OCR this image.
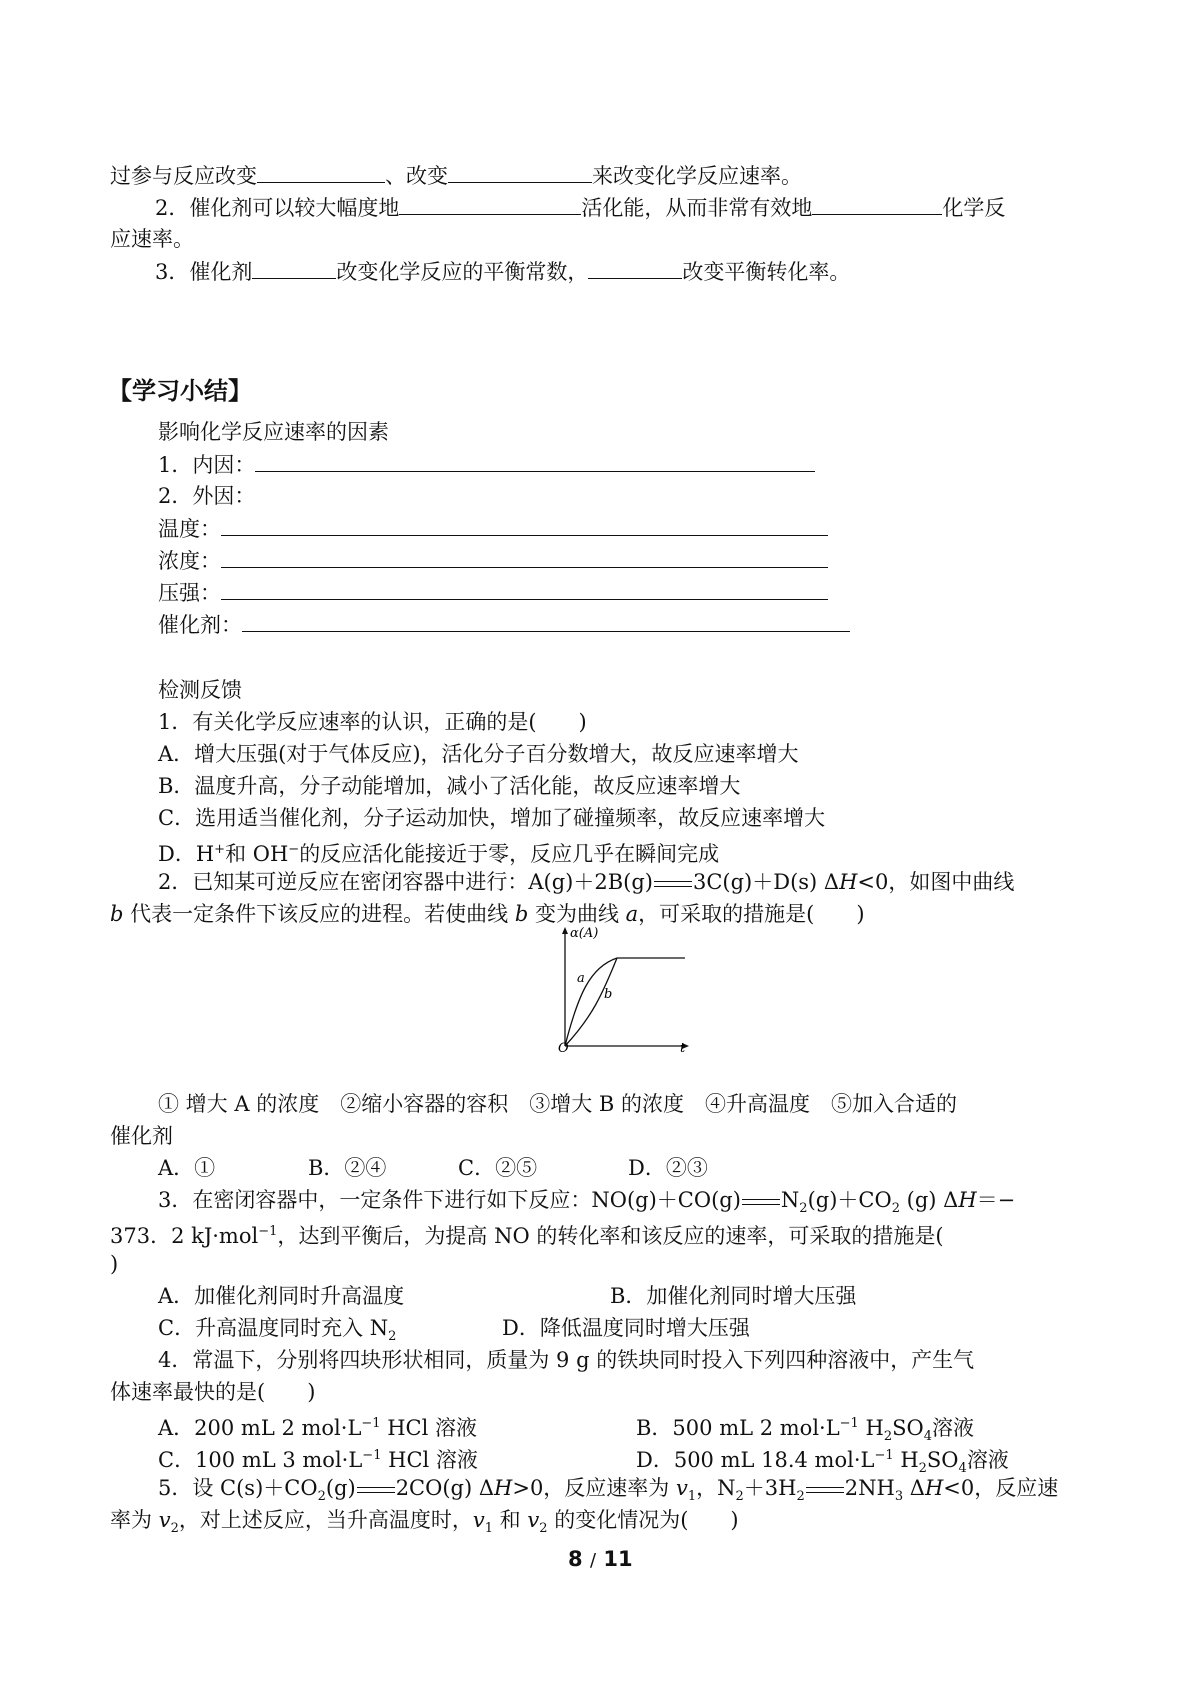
过参与反应改变	、改变	来改变化学反应速率。
2．催化剂可以较大幅度地	活化能，从而非常有效地	化学反
应速率。
3．催化剂	改变化学反应的平衡常数，	改变平衡转化率。
【学习小结】
影响化学反应速率的因素
1．内因：
2．外因：
温度：
浓度：
压强：
催化剂：
检测反馈
1．有关化学反应速率的认识，正确的是(　　)
A．增大压强(对于气体反应)，活化分子百分数增大，故反应速率增大
B．温度升高，分子动能增加，减小了活化能，故反应速率增大
C．选用适当催化剂，分子运动加快，增加了碰撞频率，故反应速率增大
D．H+和 OH−的反应活化能接近于零，反应几乎在瞬间完成
2．已知某可逆反应在密闭容器中进行：A(g)＋2B(g) 3C(g)＋D(s) ΔH<0，如图中曲线
b 代表一定条件下该反应的进程。若使曲线 b 变为曲线 a，可采取的措施是(　　)
α(A)
a
b
O	t
① 增大 A 的浓度　②缩小容器的容积　③增大 B 的浓度　④升高温度　⑤加入合适的
催化剂
A．①	B．②④	C．②⑤	D．②③
3．在密闭容器中，一定条件下进行如下反应：NO(g)＋CO(g) $N_2(g)+CO_2$ (g) ΔH＝−
373．2 kJ·mol$^{-1}$，达到平衡后，为提高 NO 的转化率和该反应的速率，可采取的措施是(
)
A．加催化剂同时升高温度	B．加催化剂同时增大压强
C．升高温度同时充入 $N_2$	D．降低温度同时增大压强
4．常温下，分别将四块形状相同，质量为 9 g 的铁块同时投入下列四种溶液中，产生气
体速率最快的是(　　)
A．200 mL 2 $mol\cdot L^{-1}$ HCl 溶液	B．500 mL 2 $mol\cdot L^{-1}$ $H_2SO_4$溶液
C．100 mL 3 $mol\cdot L^{-1}$ HCl 溶液	D．500 mL 18.4 $mol\cdot L^{-1}$ $H_2SO_4$溶液
5．设 $C(s)+CO_2(g)$ 2CO(g) ΔH>0，反应速率为 $v_1$，$N_2+3H_2$ $2NH_3$ ΔH<0，反应速
率为 $v_2$，对上述反应，当升高温度时，$v_1$ 和 $v_2$ 的变化情况为(　　)
8 / 11
